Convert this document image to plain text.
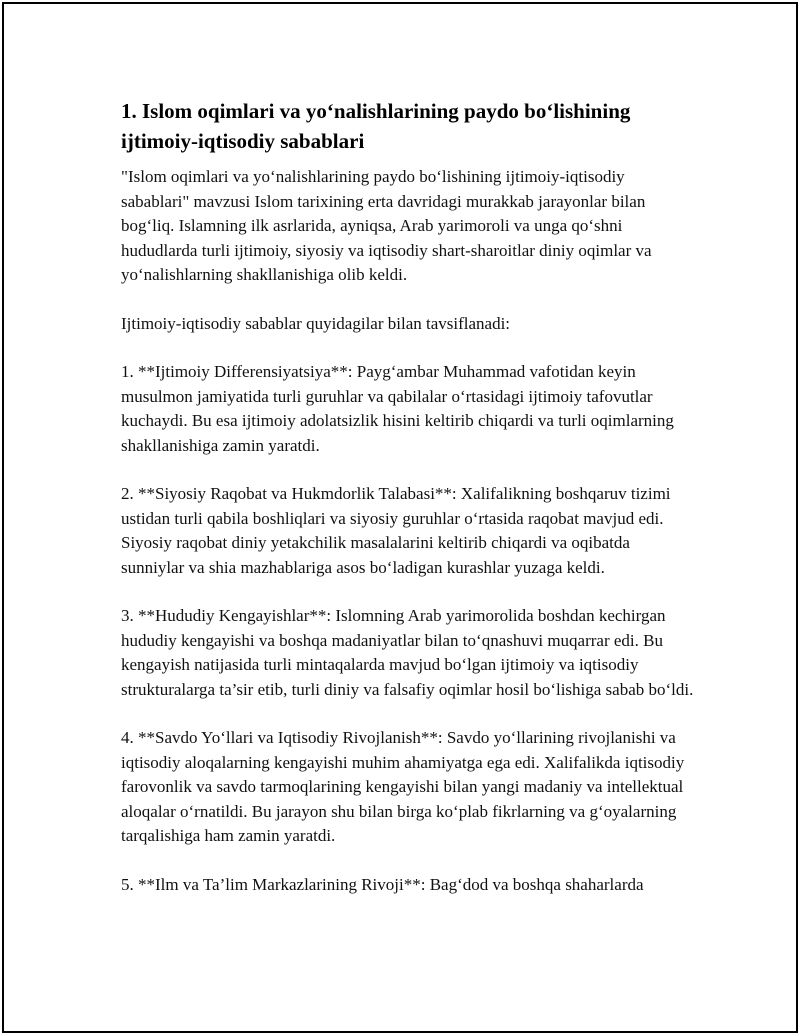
1. Islom oqimlari va yo‘nalishlarining paydo bo‘lishining ijtimoiy-iqtisodiy sabablari

"Islom oqimlari va yo‘nalishlarining paydo bo‘lishining ijtimoiy-iqtisodiy sabablari" mavzusi Islom tarixining erta davridagi murakkab jarayonlar bilan bog‘liq. Islamning ilk asrlarida, ayniqsa, Arab yarimoroli va unga qo‘shni hududlarda turli ijtimoiy, siyosiy va iqtisodiy shart-sharoitlar diniy oqimlar va yo‘nalishlarning shakllanishiga olib keldi.

Ijtimoiy-iqtisodiy sabablar quyidagilar bilan tavsiflanadi:

1. **Ijtimoiy Differensiyatsiya**: Payg‘ambar Muhammad vafotidan keyin musulmon jamiyatida turli guruhlar va qabilalar o‘rtasidagi ijtimoiy tafovutlar kuchaydi. Bu esa ijtimoiy adolatsizlik hisini keltirib chiqardi va turli oqimlarning shakllanishiga zamin yaratdi.

2. **Siyosiy Raqobat va Hukmdorlik Talabasi**: Xalifalikning boshqaruv tizimi ustidan turli qabila boshliqlari va siyosiy guruhlar o‘rtasida raqobat mavjud edi. Siyosiy raqobat diniy yetakchilik masalalarini keltirib chiqardi va oqibatda sunniylar va shia mazhablariga asos bo‘ladigan kurashlar yuzaga keldi.

3. **Hududiy Kengayishlar**: Islomning Arab yarimorolida boshdan kechirgan hududiy kengayishi va boshqa madaniyatlar bilan to‘qnashuvi muqarrar edi. Bu kengayish natijasida turli mintaqalarda mavjud bo‘lgan ijtimoiy va iqtisodiy strukturalarga ta’sir etib, turli diniy va falsafiy oqimlar hosil bo‘lishiga sabab bo‘ldi.

4. **Savdo Yo‘llari va Iqtisodiy Rivojlanish**: Savdo yo‘llarining rivojlanishi va iqtisodiy aloqalarning kengayishi muhim ahamiyatga ega edi. Xalifalikda iqtisodiy farovonlik va savdo tarmoqlarining kengayishi bilan yangi madaniy va intellektual aloqalar o‘rnatildi. Bu jarayon shu bilan birga ko‘plab fikrlarning va g‘oyalarning tarqalishiga ham zamin yaratdi.

5. **Ilm va Ta’lim Markazlarining Rivoji**: Bag‘dod va boshqa shaharlarda
